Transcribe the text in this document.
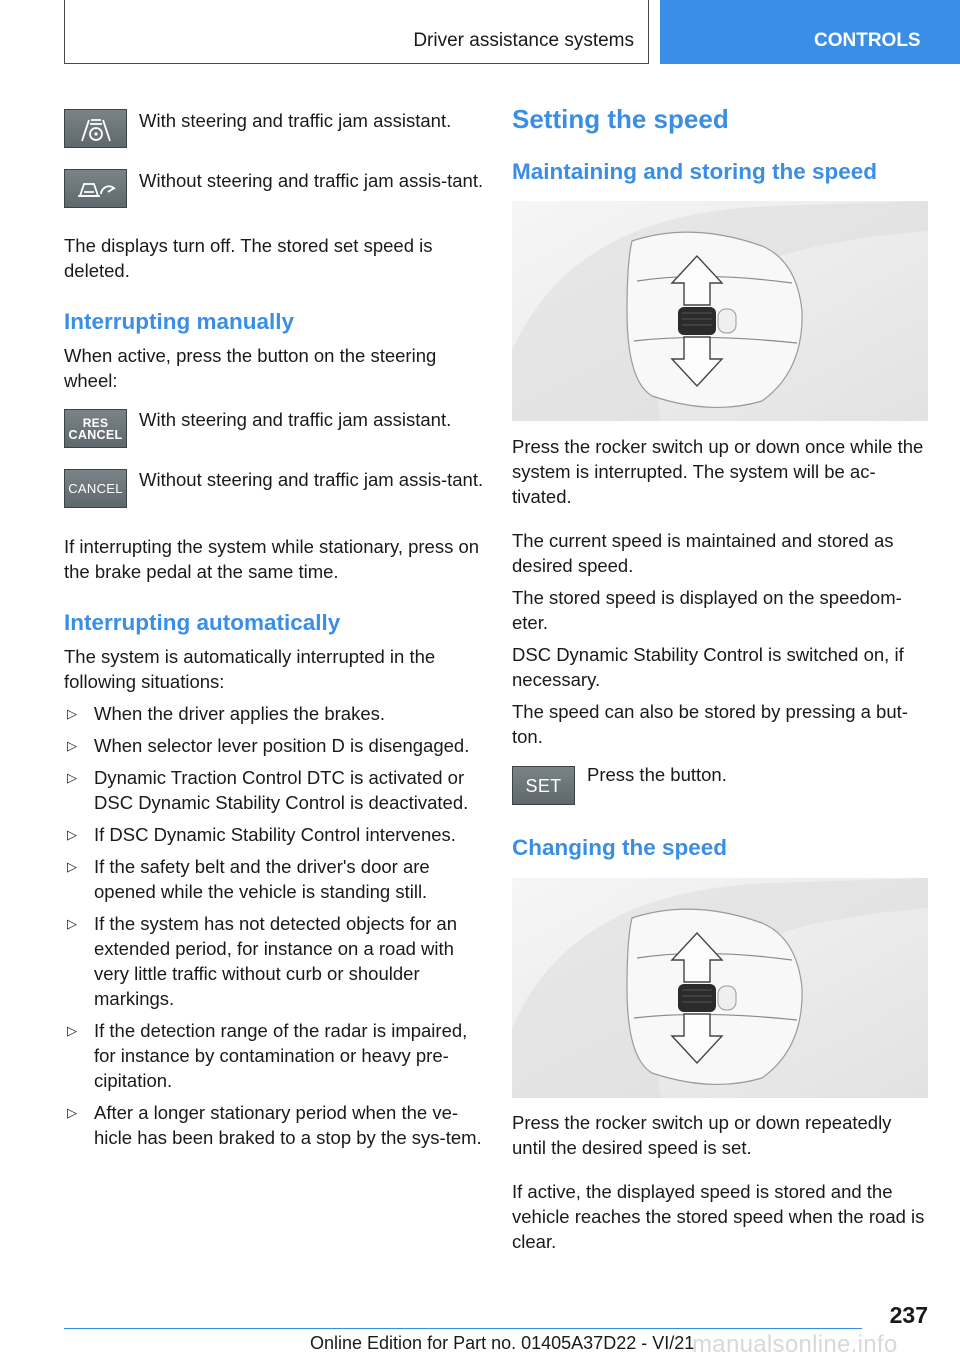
Driver assistance systems	CONTROLS

With steering and traffic jam assistant.

Without steering and traffic jam assis‐tant.

The displays turn off. The stored set speed is deleted.

Interrupting manually

When active, press the button on the steering wheel:

RES
CANCEL

With steering and traffic jam assistant.

CANCEL Without steering and traffic jam assis‐tant.

If interrupting the system while stationary, press on the brake pedal at the same time.

Interrupting automatically

The system is automatically interrupted in the following situations:

▷ When the driver applies the brakes.
▷ When selector lever position D is disengaged.
▷ Dynamic Traction Control DTC is activated or DSC Dynamic Stability Control is deactivated.
▷ If DSC Dynamic Stability Control intervenes.
▷ If the safety belt and the driver's door are opened while the vehicle is standing still.
▷ If the system has not detected objects for an extended period, for instance on a road with very little traffic without curb or shoulder markings.
▷ If the detection range of the radar is impaired, for instance by contamination or heavy pre‐cipitation.
▷ After a longer stationary period when the ve‐hicle has been braked to a stop by the sys‐tem.
Setting the speed
Maintaining and storing the speed

Press the rocker switch up or down once while the system is interrupted. The system will be ac‐tivated.

The current speed is maintained and stored as desired speed.

The stored speed is displayed on the speedom‐eter.

DSC Dynamic Stability Control is switched on, if necessary.

The speed can also be stored by pressing a but‐ton.

SET

Press the button.

Changing the speed

Press the rocker switch up or down repeatedly until the desired speed is set.

If active, the displayed speed is stored and the vehicle reaches the stored speed when the road is clear.

237
Online Edition for Part no. 01405A37D22 - VI/21
manualsonline.info
